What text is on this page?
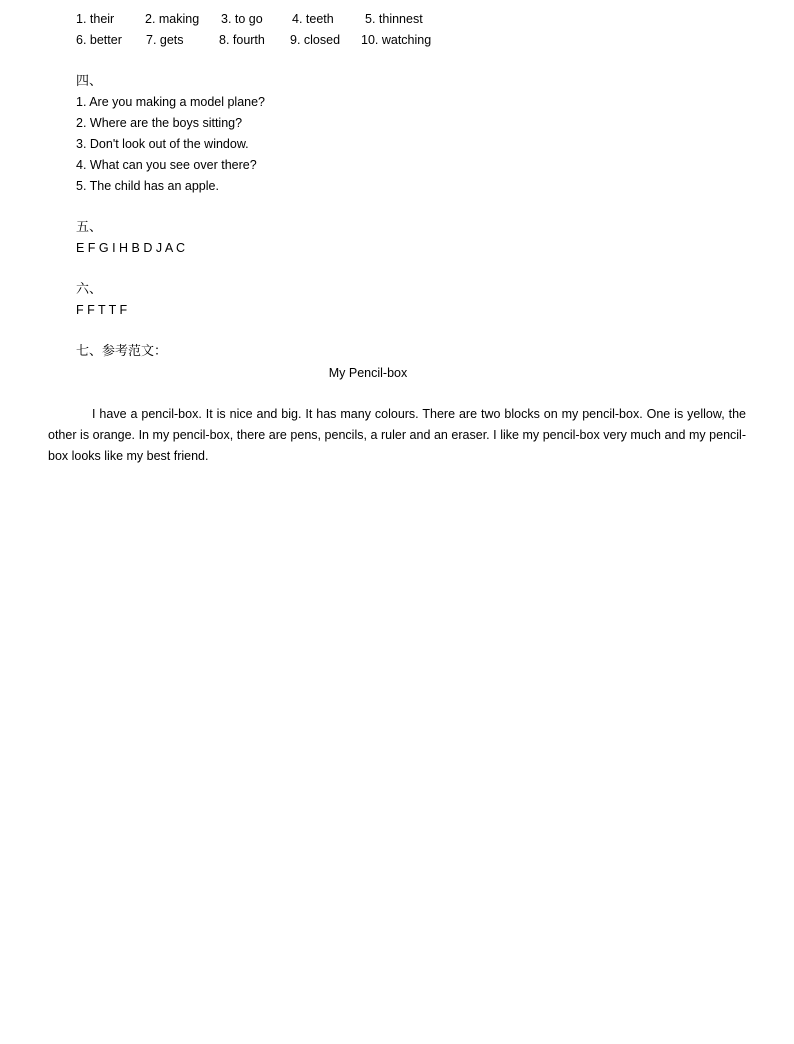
1. their 2. making 3. to go 4. teeth	5. thinnest
6. better 7. gets	8. fourth 9. closed 10. watching
四、
1. Are you making a model plane?
2. Where are the boys sitting?
3. Don't look out of the window.
4. What can you see over there?
5. The child has an apple.
五、
E F G I H B D J A C
六、
F F T T F
七、参考范文：
My Pencil-box
I have a pencil-box. It is nice and big. It has many colours. There are two blocks on my pencil-box. One is yellow, the other is orange. In my pencil-box, there are pens, pencils, a ruler and an eraser. I like my pencil-box very much and my pencil-box looks like my best friend.
